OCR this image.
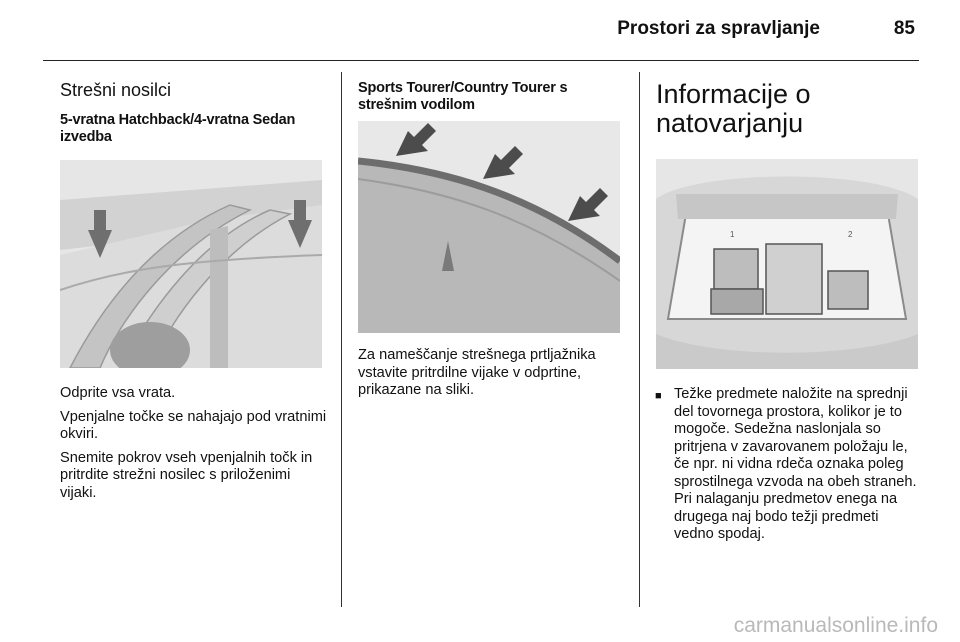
Prostori za spravljanje	85
Strešni nosilci
5-vratna Hatchback/4-vratna Sedan izvedba

Odprite vsa vrata.

Vpenjalne točke se nahajajo pod vratnimi okviri.

Snemite pokrov vseh vpenjalnih točk in pritrdite strežni nosilec s priloženimi vijaki.

Sports Tourer/Country Tourer s strešnim vodilom

Za nameščanje strešnega prtljažnika vstavite pritrdilne vijake v odprtine, prikazane na sliki.

Informacije o natovarjanju
1	2
■ Težke predmete naložite na sprednji del tovornega prostora, kolikor je to mogoče. Sedežna naslonjala so pritrjena v zavarovanem položaju le, če npr. ni vidna rdeča oznaka poleg sprostilnega vzvoda na obeh straneh. Pri nalaganju predmetov enega na drugega naj bodo težji predmeti vedno spodaj.
carmanualsonline.info
